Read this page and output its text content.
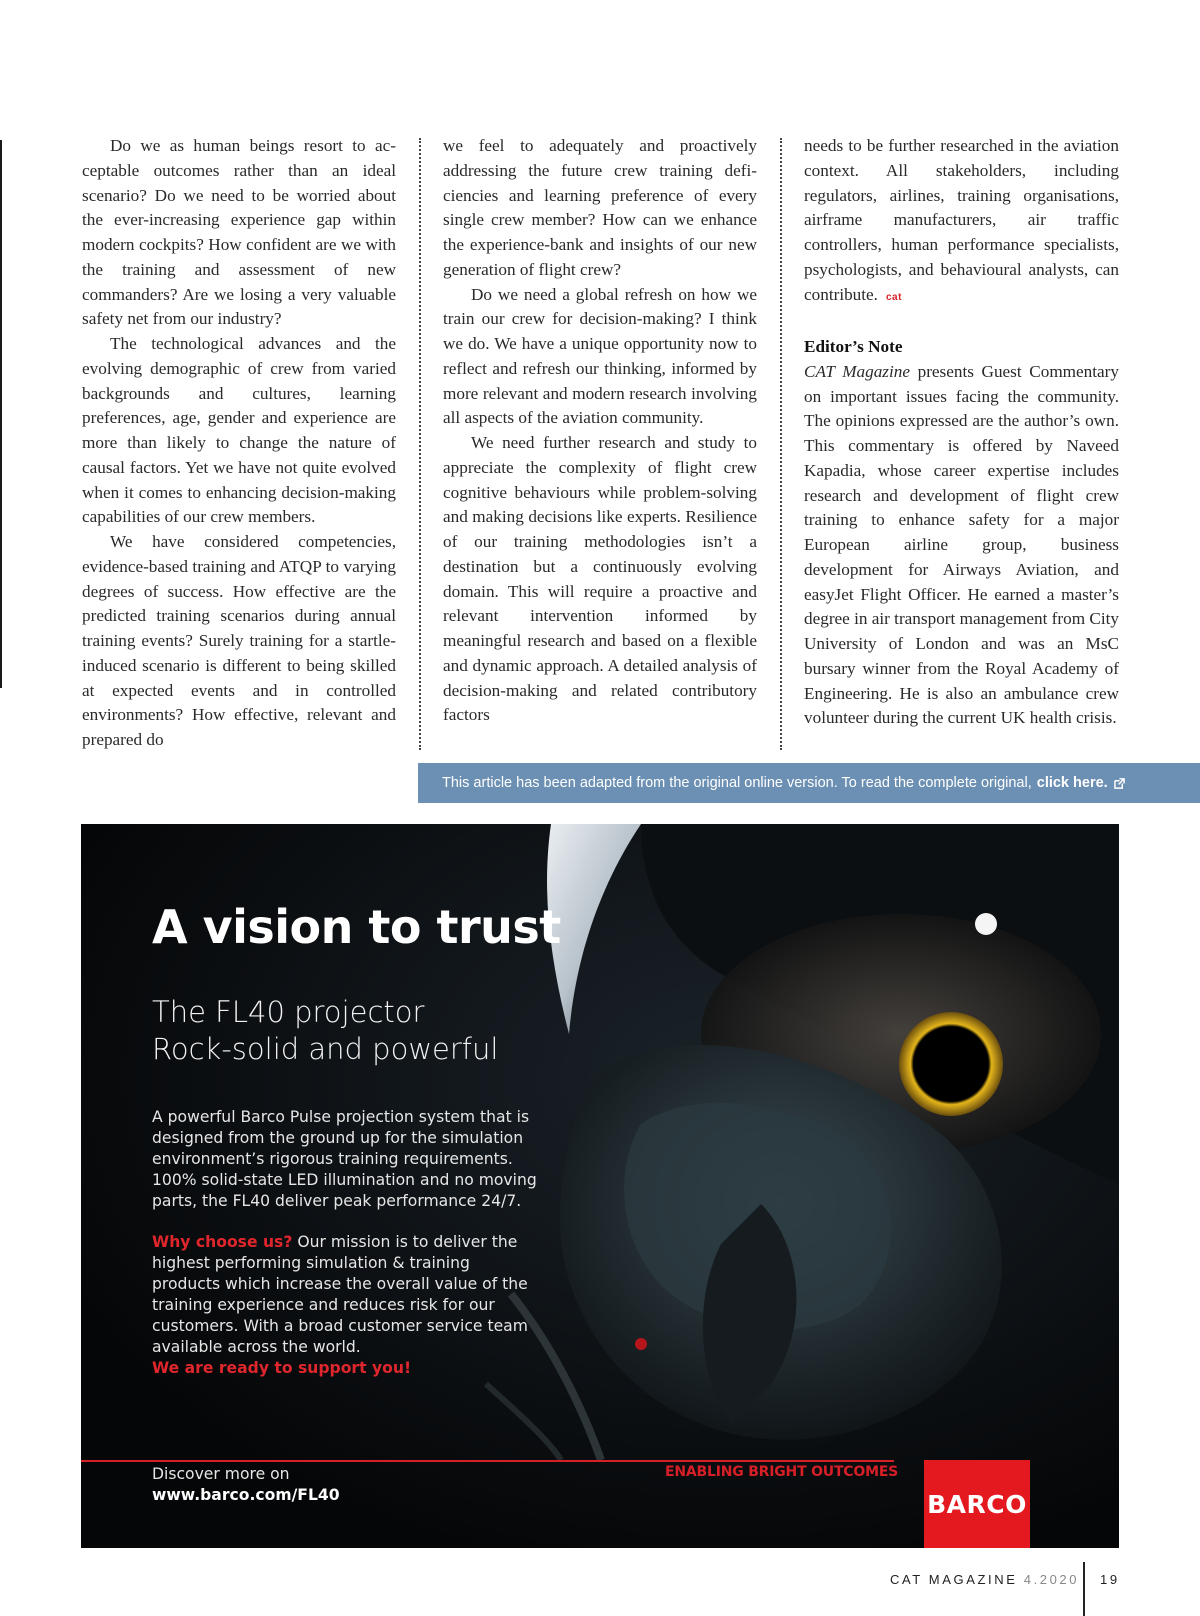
Do we as human beings resort to acceptable outcomes rather than an ideal scenario? Do we need to be worried about the ever-increasing experience gap within modern cockpits? How confident are we with the training and assessment of new commanders? Are we losing a very valuable safety net from our industry?

The technological advances and the evolving demographic of crew from varied backgrounds and cultures, learning preferences, age, gender and experience are more than likely to change the nature of causal factors. Yet we have not quite evolved when it comes to enhancing decision-making capabilities of our crew members.

We have considered competencies, evidence-based training and ATQP to varying degrees of success. How effective are the predicted training scenarios during annual training events? Surely training for a startle-induced scenario is different to being skilled at expected events and in controlled environments? How effective, relevant and prepared do

we feel to adequately and proactively addressing the future crew training deficiencies and learning preference of every single crew member? How can we enhance the experience-bank and insights of our new generation of flight crew?

Do we need a global refresh on how we train our crew for decision-making? I think we do. We have a unique opportunity now to reflect and refresh our thinking, informed by more relevant and modern research involving all aspects of the aviation community.

We need further research and study to appreciate the complexity of flight crew cognitive behaviours while problem-solving and making decisions like experts. Resilience of our training methodologies isn’t a destination but a continuously evolving domain. This will require a proactive and relevant intervention informed by meaningful research and based on a flexible and dynamic approach. A detailed analysis of decision-making and related contributory factors

needs to be further researched in the aviation context. All stakeholders, including regulators, airlines, training organisations, airframe manufacturers, air traffic controllers, human performance specialists, psychologists, and behavioural analysts, can contribute. cat

Editor’s Note

CAT Magazine presents Guest Commentary on important issues facing the community. The opinions expressed are the author’s own. This commentary is offered by Naveed Kapadia, whose career expertise includes research and development of flight crew training to enhance safety for a major European airline group, business development for Airways Aviation, and easyJet Flight Officer. He earned a master’s degree in air transport management from City University of London and was an MsC bursary winner from the Royal Academy of Engineering. He is also an ambulance crew volunteer during the current UK health crisis.

This article has been adapted from the original online version. To read the complete original, click here.
A vision to trust
The FL40 projector
Rock-solid and powerful
A powerful Barco Pulse projection system that is designed from the ground up for the simulation environment’s rigorous training requirements. 100% solid-state LED illumination and no moving parts, the FL40 deliver peak performance 24/7.
Why choose us? Our mission is to deliver the highest performing simulation & training products which increase the overall value of the training experience and reduces risk for our customers. With a broad customer service team available across the world.
We are ready to support you!
Discover more on
www.barco.com/FL40
ENABLING BRIGHT OUTCOMES
BARCO
CAT MAGAZINE 4.2020 19
